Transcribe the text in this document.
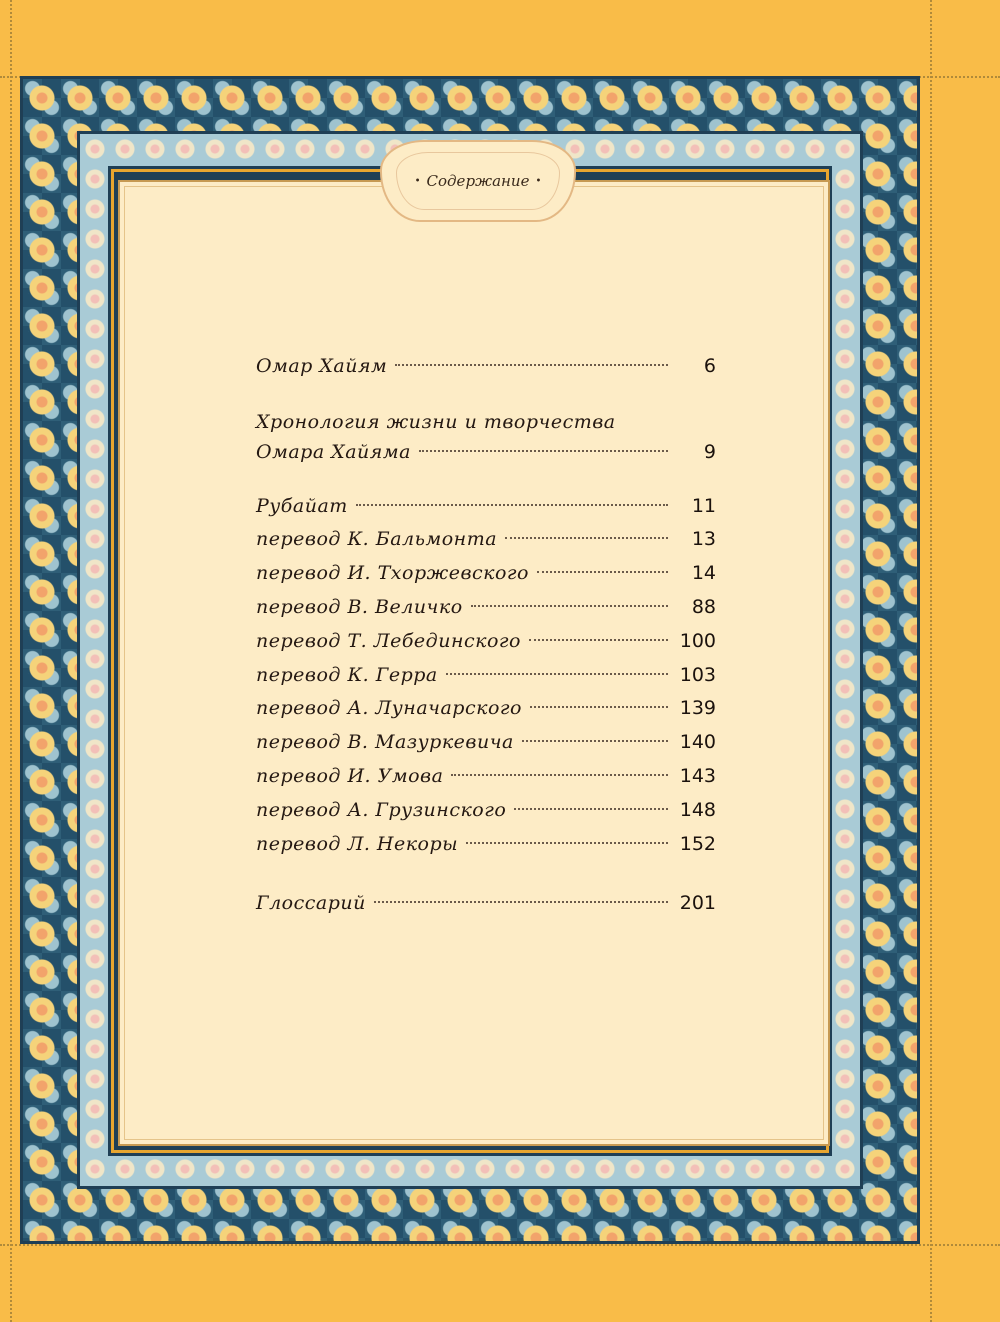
• Содержание •
Омар Хайям	6
Хронология жизни и творчества
Омара Хайяма	9
Рубайат	11
перевод К. Бальмонта	13
перевод И. Тхоржевского	14
перевод В. Величко	88
перевод Т. Лебединского	100
перевод К. Герра	103
перевод А. Луначарского	139
перевод В. Мазуркевича	140
перевод И. Умова	143
перевод А. Грузинского	148
перевод Л. Некоры	152
Глоссарий	201
